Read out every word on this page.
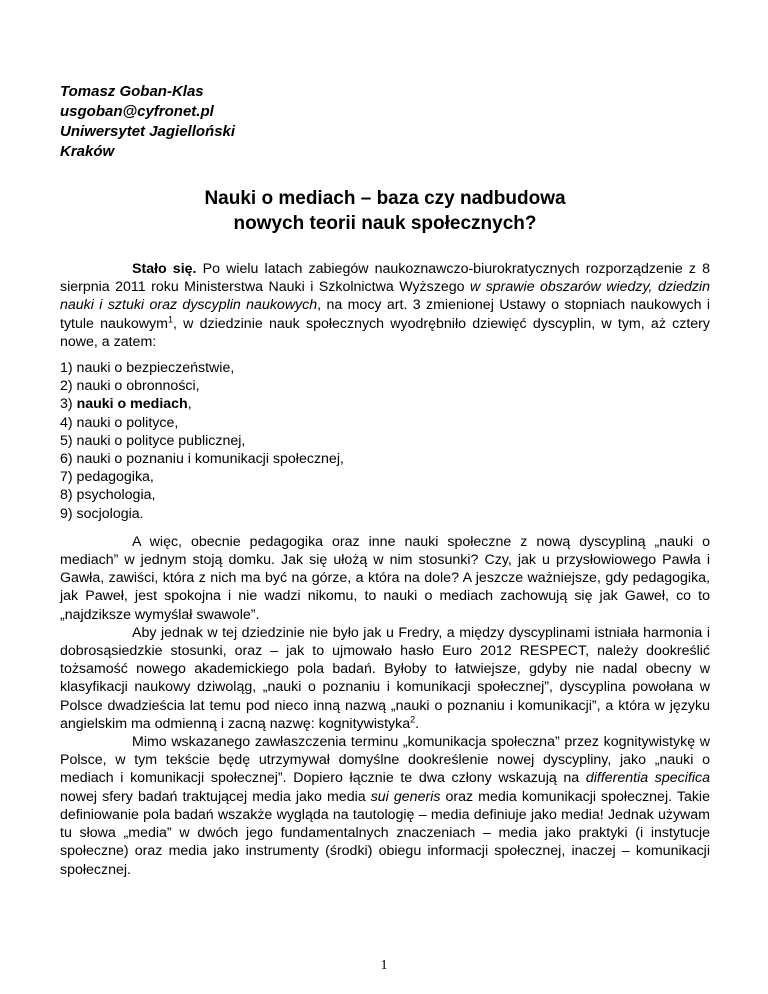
Tomasz Goban-Klas
usgoban@cyfronet.pl
Uniwersytet Jagielloński
Kraków
Nauki o mediach – baza czy nadbudowa
nowych teorii nauk społecznych?

Stało się. Po wielu latach zabiegów naukoznawczo-biurokratycznych rozporządzenie z 8 sierpnia 2011 roku Ministerstwa Nauki i Szkolnictwa Wyższego w sprawie obszarów wiedzy, dziedzin nauki i sztuki oraz dyscyplin naukowych, na mocy art. 3 zmienionej Ustawy o stopniach naukowych i tytule naukowym$^1$, w dziedzinie nauk społecznych wyodrębniło dziewięć dyscyplin, w tym, aż cztery nowe, a zatem:

1) nauki o bezpieczeństwie,
2) nauki o obronności,
3) nauki o mediach,
4) nauki o polityce,
5) nauki o polityce publicznej,
6) nauki o poznaniu i komunikacji społecznej,
7) pedagogika,
8) psychologia,
9) socjologia.

A więc, obecnie pedagogika oraz inne nauki społeczne z nową dyscypliną „nauki o mediach” w jednym stoją domku. Jak się ułożą w nim stosunki? Czy, jak u przysłowiowego Pawła i Gawła, zawiści, która z nich ma być na górze, a która na dole? A jeszcze ważniejsze, gdy pedagogika, jak Paweł, jest spokojna i nie wadzi nikomu, to nauki o mediach zachowują się jak Gaweł, co to „najdziksze wymyślał swawole”.

Aby jednak w tej dziedzinie nie było jak u Fredry, a między dyscyplinami istniała harmonia i dobrosąsiedzkie stosunki, oraz – jak to ujmowało hasło Euro 2012 RESPECT, należy dookreślić tożsamość nowego akademickiego pola badań. Byłoby to łatwiejsze, gdyby nie nadal obecny w klasyfikacji naukowy dziwoląg, „nauki o poznaniu i komunikacji społecznej”, dyscyplina powołana w Polsce dwadzieścia lat temu pod nieco inną nazwą „nauki o poznaniu i komunikacji”, a która w języku angielskim ma odmienną i zacną nazwę: kognitywistyka$^2$.

Mimo wskazanego zawłaszczenia terminu „komunikacja społeczna” przez kognitywistykę w Polsce, w tym tekście będę utrzymywał domyślne dookreślenie nowej dyscypliny, jako „nauki o mediach i komunikacji społecznej”. Dopiero łącznie te dwa człony wskazują na differentia specifica nowej sfery badań traktującej media jako media sui generis oraz media komunikacji społecznej. Takie definiowanie pola badań wszakże wygląda na tautologię – media definiuje jako media! Jednak używam tu słowa „media” w dwóch jego fundamentalnych znaczeniach – media jako praktyki (i instytucje społeczne) oraz media jako instrumenty (środki) obiegu informacji społecznej, inaczej – komunikacji społecznej.

1
